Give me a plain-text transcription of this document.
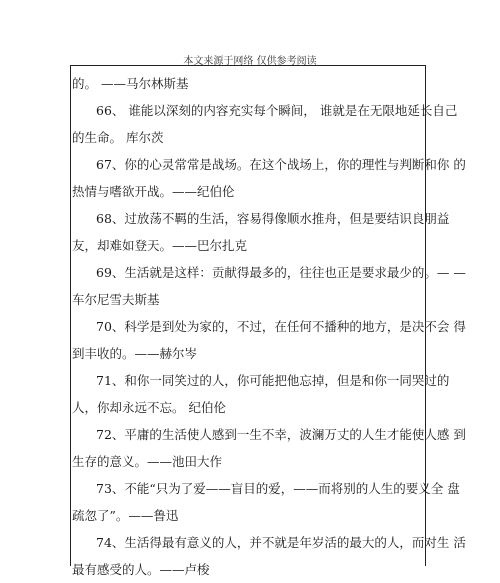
本文来源于网络 仅供参考阅读
的。 ——马尔林斯基
66、 谁能以深刻的内容充实每个瞬间， 谁就是在无限地延长自己
的生命。 库尔茨
67、你的心灵常常是战场。在这个战场上，你的理性与判断和你 的
热情与嗜欲开战。——纪伯伦
68、过放荡不羁的生活，容易得像顺水推舟，但是要结识良朋益
友，却难如登天。——巴尔扎克
69、生活就是这样：贡献得最多的，往往也正是要求最少的。— —
车尔尼雪夫斯基
70、科学是到处为家的，不过，在任何不播种的地方，是决不会 得
到丰收的。——赫尔岑
71、和你一同笑过的人，你可能把他忘掉，但是和你一同哭过的
人，你却永远不忘。 纪伯伦
72、平庸的生活使人感到一生不幸，波澜万丈的人生才能使人感 到
生存的意义。——池田大作
73、不能“只为了爱——盲目的爱，——而将别的人生的要义全 盘
疏忽了”。——鲁迅
74、生活得最有意义的人，并不就是年岁活的最大的人，而对生 活
最有感受的人。——卢梭
